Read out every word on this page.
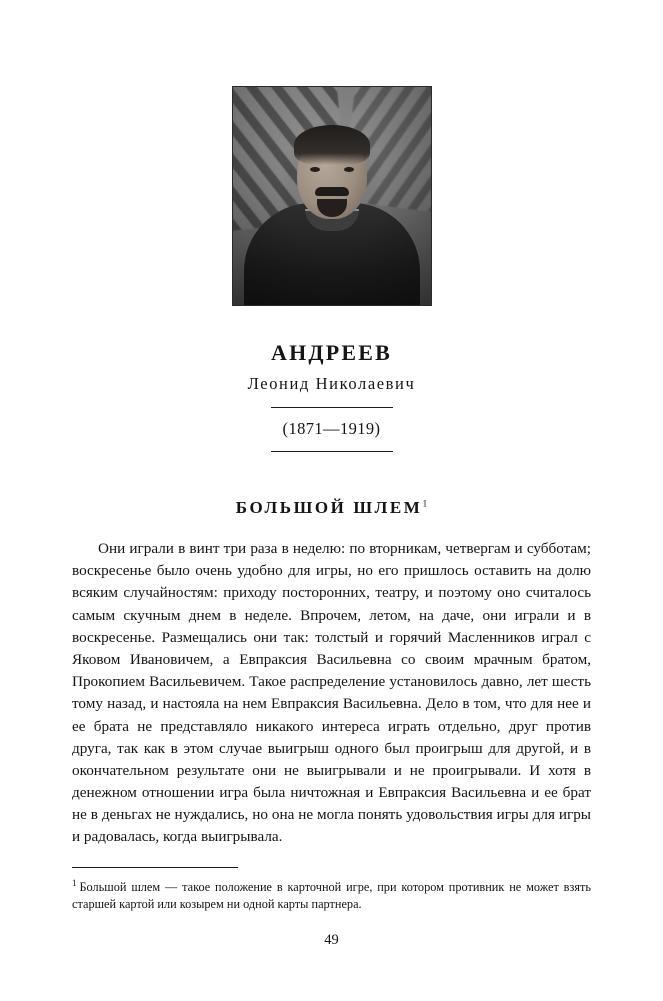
АНДРЕЕВ
Леонид Николаевич
(1871—1919)
БОЛЬШОЙ ШЛЕМ$^1$

Они играли в винт три раза в неделю: по вторникам, четвергам и субботам; воскресенье было очень удобно для игры, но его пришлось оставить на долю всяким случайностям: приходу посторонних, театру, и поэтому оно считалось самым скучным днем в неделе. Впрочем, летом, на даче, они играли и в воскресенье. Размещались они так: толстый и горячий Масленников играл с Яковом Ивановичем, а Евпраксия Васильевна со своим мрачным братом, Прокопием Васильевичем. Такое распределение установилось давно, лет шесть тому назад, и настояла на нем Евпраксия Васильевна. Дело в том, что для нее и ее брата не представляло никакого интереса играть отдельно, друг против друга, так как в этом случае выигрыш одного был проигрыш для другой, и в окончательном результате они не выигрывали и не проигрывали. И хотя в денежном отношении игра была ничтожная и Евпраксия Васильевна и ее брат не в деньгах не нуждались, но она не могла понять удовольствия игры для игры и радовалась, когда выигрывала.

$^1$ Большой шлем — такое положение в карточной игре, при котором противник не может взять старшей картой или козырем ни одной карты партнера.
49
